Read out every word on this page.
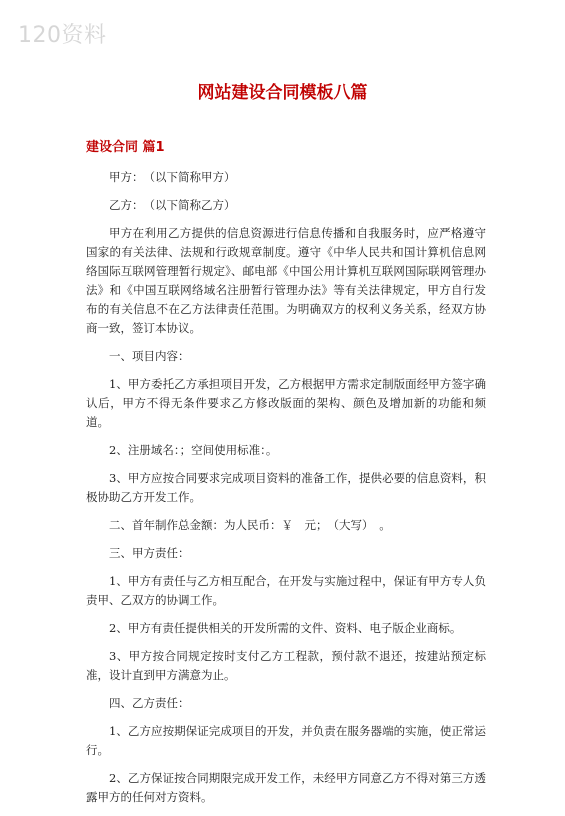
120资料
网站建设合同模板八篇
建设合同 篇1

甲方：　（以下简称甲方）

乙方：　（以下简称乙方）

甲方在利用乙方提供的信息资源进行信息传播和自我服务时，应严格遵守国家的有关法律、法规和行政规章制度。遵守《中华人民共和国计算机信息网络国际互联网管理暂行规定》、邮电部《中国公用计算机互联网国际联网管理办法》和《中国互联网络域名注册暂行管理办法》等有关法律规定，甲方自行发布的有关信息不在乙方法律责任范围。为明确双方的权利义务关系，经双方协商一致，签订本协议。

一、项目内容：

1、甲方委托乙方承担项目开发，乙方根据甲方需求定制版面经甲方签字确认后，甲方不得无条件要求乙方修改版面的架构、颜色及增加新的功能和频道。

2、注册域名：；空间使用标准：。

3、甲方应按合同要求完成项目资料的准备工作，提供必要的信息资料，积极协助乙方开发工作。

二、首年制作总金额：为人民币：￥　元；　（大写）　。

三、甲方责任：

1、甲方有责任与乙方相互配合，在开发与实施过程中，保证有甲方专人负责甲、乙双方的协调工作。

2、甲方有责任提供相关的开发所需的文件、资料、电子版企业商标。

3、甲方按合同规定按时支付乙方工程款，预付款不退还，按建站预定标准，设计直到甲方满意为止。

四、乙方责任：

1、乙方应按期保证完成项目的开发，并负责在服务器端的实施，使正常运行。

2、乙方保证按合同期限完成开发工作，未经甲方同意乙方不得对第三方透露甲方的任何对方资料。
